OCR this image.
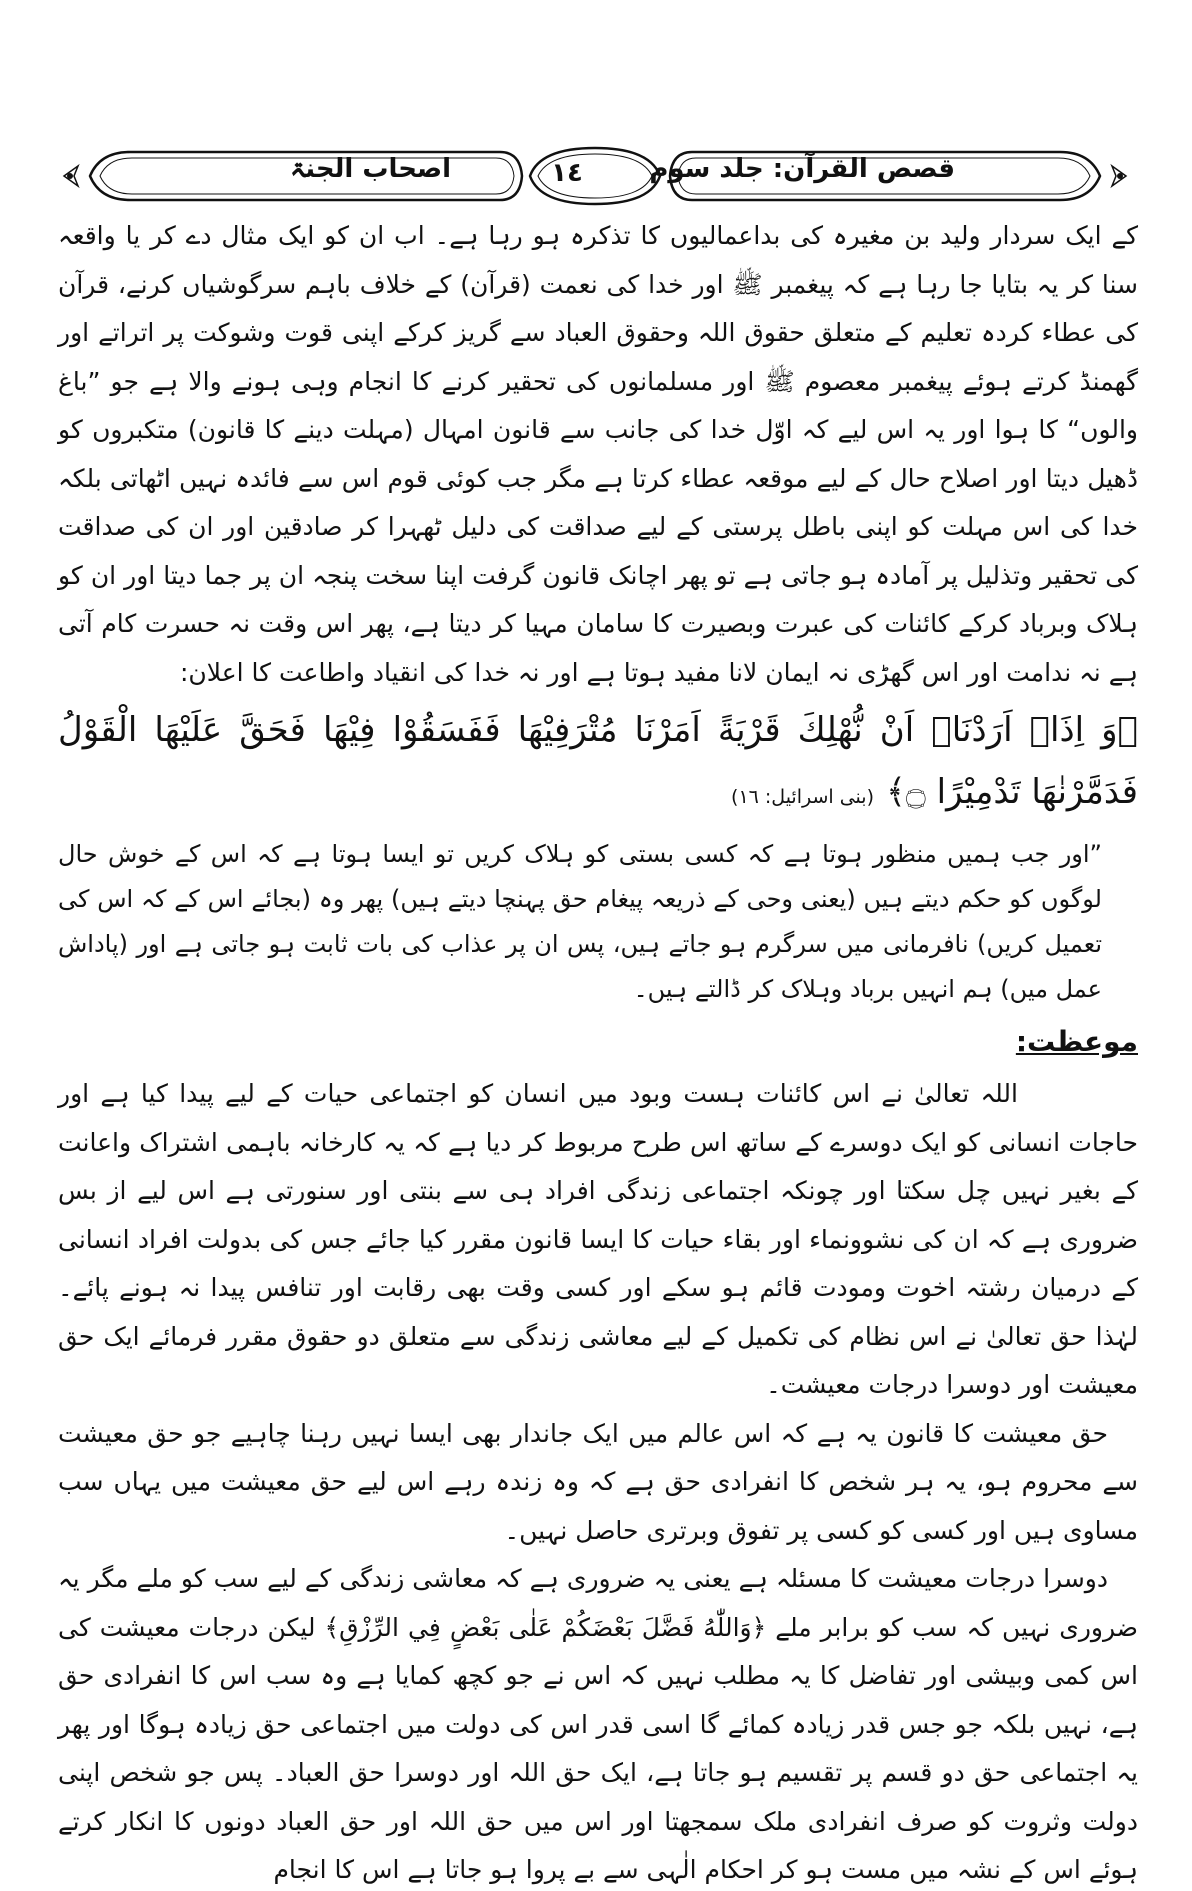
اصحاب الجنۃ	١٤	قصص القرآن: جلد سوم

کے ایک سردار ولید بن مغیرہ کی بداعمالیوں کا تذکرہ ہو رہا ہے۔ اب ان کو ایک مثال دے کر یا واقعہ سنا کر یہ بتایا جا رہا ہے کہ پیغمبر ﷺ اور خدا کی نعمت (قرآن) کے خلاف باہم سرگوشیاں کرنے، قرآن کی عطاء کردہ تعلیم کے متعلق حقوق اللہ وحقوق العباد سے گریز کرکے اپنی قوت وشوکت پر اتراتے اور گھمنڈ کرتے ہوئے پیغمبر معصوم ﷺ اور مسلمانوں کی تحقیر کرنے کا انجام وہی ہونے والا ہے جو ”باغ والوں“ کا ہوا اور یہ اس لیے کہ اوّل خدا کی جانب سے قانون امہال (مہلت دینے کا قانون) متکبروں کو ڈھیل دیتا اور اصلاح حال کے لیے موقعہ عطاء کرتا ہے مگر جب کوئی قوم اس سے فائدہ نہیں اٹھاتی بلکہ خدا کی اس مہلت کو اپنی باطل پرستی کے لیے صداقت کی دلیل ٹھہرا کر صادقین اور ان کی صداقت کی تحقیر وتذلیل پر آمادہ ہو جاتی ہے تو پھر اچانک قانون گرفت اپنا سخت پنجہ ان پر جما دیتا اور ان کو ہلاک وبرباد کرکے کائنات کی عبرت وبصیرت کا سامان مہیا کر دیتا ہے، پھر اس وقت نہ حسرت کام آتی ہے نہ ندامت اور اس گھڑی نہ ایمان لانا مفید ہوتا ہے اور نہ خدا کی انقیاد واطاعت کا اعلان:

﴿وَ اِذَاۤ اَرَدْنَاۤ اَنْ نُّهْلِكَ قَرْيَةً اَمَرْنَا مُتْرَفِيْهَا فَفَسَقُوْا فِيْهَا فَحَقَّ عَلَيْهَا الْقَوْلُ فَدَمَّرْنٰهَا تَدْمِيْرًا ۝﴾(بنی اسرائیل: ١٦)

”اور جب ہمیں منظور ہوتا ہے کہ کسی بستی کو ہلاک کریں تو ایسا ہوتا ہے کہ اس کے خوش حال لوگوں کو حکم دیتے ہیں (یعنی وحی کے ذریعہ پیغام حق پہنچا دیتے ہیں) پھر وہ (بجائے اس کے کہ اس کی تعمیل کریں) نافرمانی میں سرگرم ہو جاتے ہیں، پس ان پر عذاب کی بات ثابت ہو جاتی ہے اور (پاداش عمل میں) ہم انہیں برباد وہلاک کر ڈالتے ہیں۔

موعظت:

اللہ تعالیٰ نے اس کائنات ہست وبود میں انسان کو اجتماعی حیات کے لیے پیدا کیا ہے اور حاجات انسانی کو ایک دوسرے کے ساتھ اس طرح مربوط کر دیا ہے کہ یہ کارخانہ باہمی اشتراک واعانت کے بغیر نہیں چل سکتا اور چونکہ اجتماعی زندگی افراد ہی سے بنتی اور سنورتی ہے اس لیے از بس ضروری ہے کہ ان کی نشوونماء اور بقاء حیات کا ایسا قانون مقرر کیا جائے جس کی بدولت افراد انسانی کے درمیان رشتہ اخوت ومودت قائم ہو سکے اور کسی وقت بھی رقابت اور تنافس پیدا نہ ہونے پائے۔ لہٰذا حق تعالیٰ نے اس نظام کی تکمیل کے لیے معاشی زندگی سے متعلق دو حقوق مقرر فرمائے ایک حق معیشت اور دوسرا درجات معیشت۔

حق معیشت کا قانون یہ ہے کہ اس عالم میں ایک جاندار بھی ایسا نہیں رہنا چاہیے جو حق معیشت سے محروم ہو، یہ ہر شخص کا انفرادی حق ہے کہ وہ زندہ رہے اس لیے حق معیشت میں یہاں سب مساوی ہیں اور کسی کو کسی پر تفوق وبرتری حاصل نہیں۔

دوسرا درجات معیشت کا مسئلہ ہے یعنی یہ ضروری ہے کہ معاشی زندگی کے لیے سب کو ملے مگر یہ ضروری نہیں کہ سب کو برابر ملے ﴿وَاللّٰهُ فَضَّلَ بَعْضَكُمْ عَلٰى بَعْضٍ فِي الرِّزْقِ﴾ لیکن درجات معیشت کی اس کمی وبیشی اور تفاضل کا یہ مطلب نہیں کہ اس نے جو کچھ کمایا ہے وہ سب اس کا انفرادی حق ہے، نہیں بلکہ جو جس قدر زیادہ کمائے گا اسی قدر اس کی دولت میں اجتماعی حق زیادہ ہوگا اور پھر یہ اجتماعی حق دو قسم پر تقسیم ہو جاتا ہے، ایک حق اللہ اور دوسرا حق العباد۔ پس جو شخص اپنی دولت وثروت کو صرف انفرادی ملک سمجھتا اور اس میں حق اللہ اور حق العباد دونوں کا انکار کرتے ہوئے اس کے نشہ میں مست ہو کر احکام الٰہی سے بے پروا ہو جاتا ہے اس کا انجام
